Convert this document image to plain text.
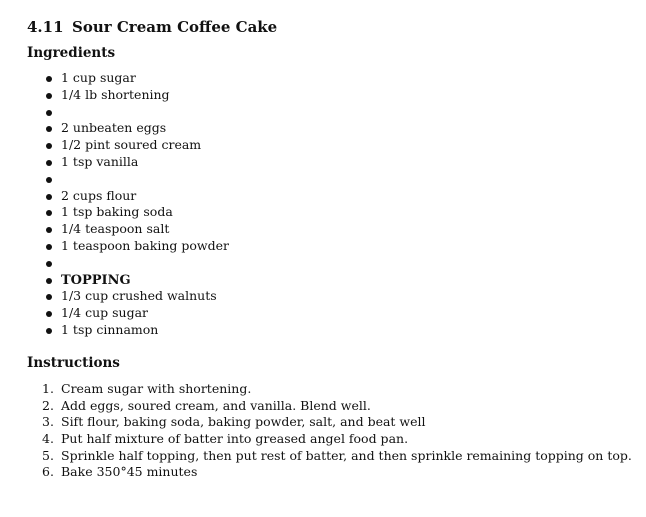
4.11 Sour Cream Coffee Cake
Ingredients
1 cup sugar
1/4 lb shortening
2 unbeaten eggs
1/2 pint soured cream
1 tsp vanilla
2 cups flour
1 tsp baking soda
1/4 teaspoon salt
1 teaspoon baking powder
TOPPING
1/3 cup crushed walnuts
1/4 cup sugar
1 tsp cinnamon
Instructions
1. Cream sugar with shortening.
2. Add eggs, soured cream, and vanilla. Blend well.
3. Sift flour, baking soda, baking powder, salt, and beat well
4. Put half mixture of batter into greased angel food pan.
5. Sprinkle half topping, then put rest of batter, and then sprinkle remaining topping on top.
6. Bake 350°45 minutes
